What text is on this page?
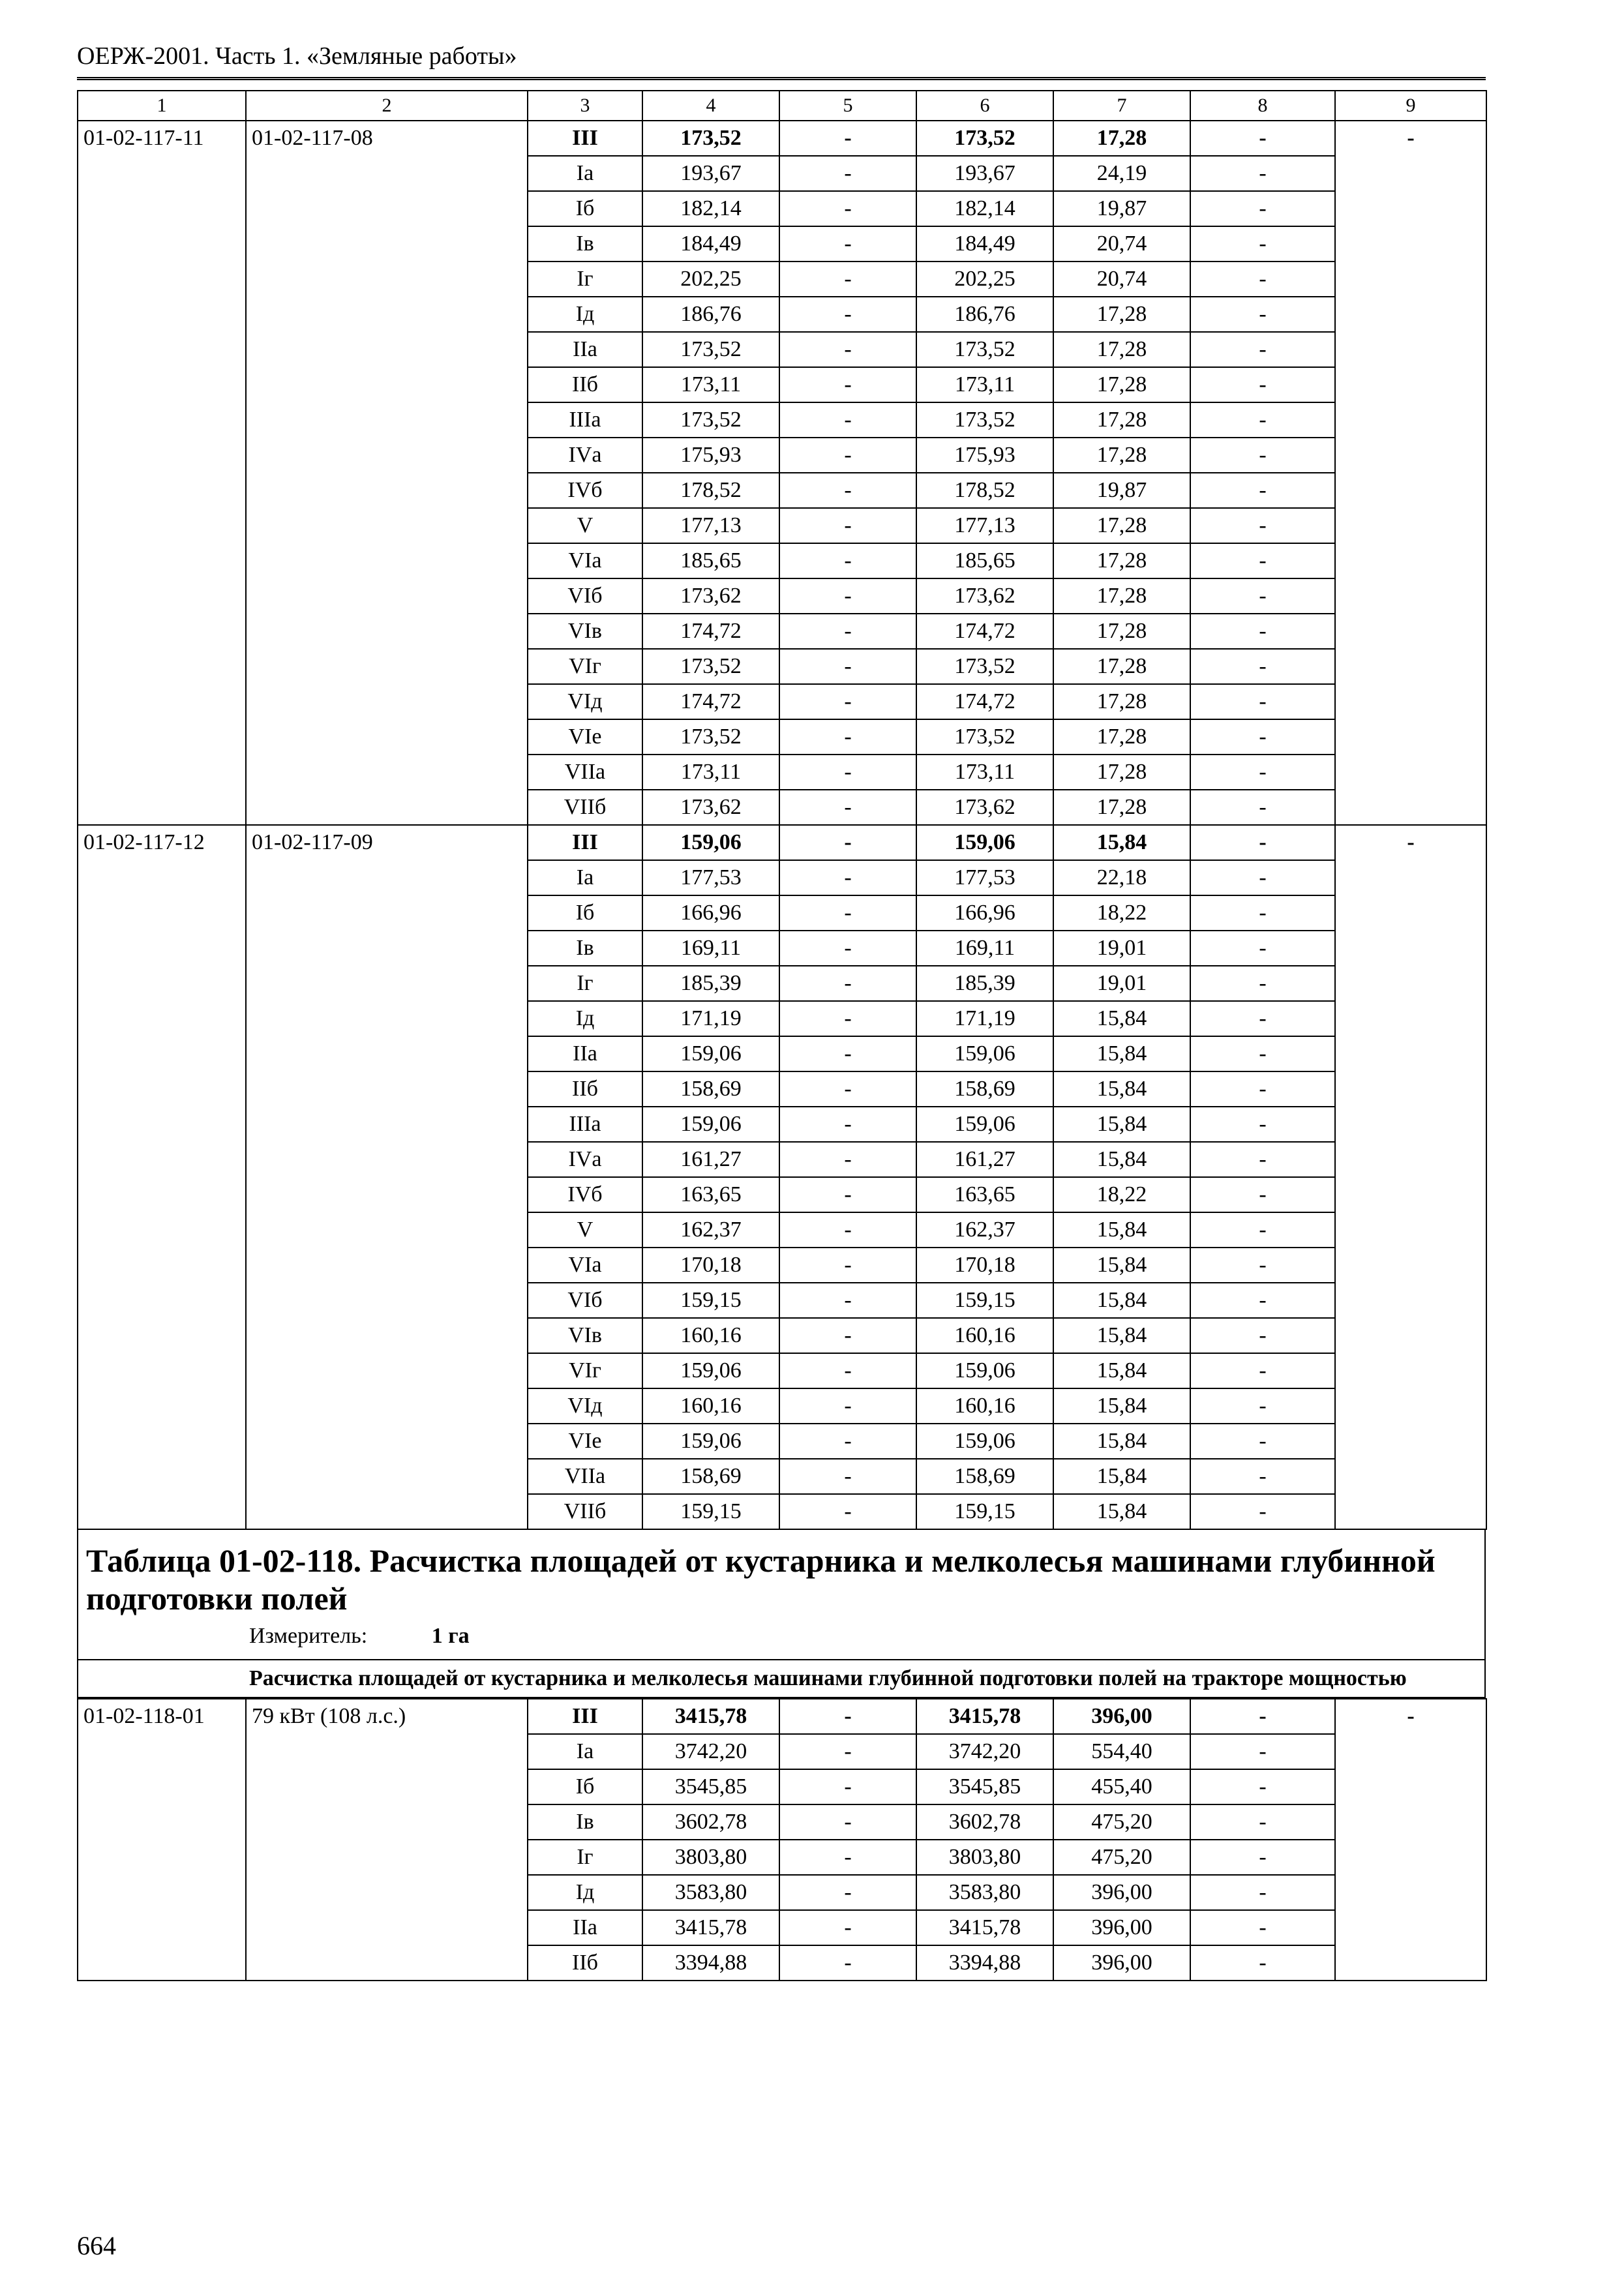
ОЕРЖ-2001. Часть 1. «Земляные работы»
1	2	3	4	5	6	7	8	9
01-02-117-11	01-02-117-08	III	173,52	-	173,52	17,28	-	-
		Iа	193,67	-	193,67	24,19	-	
		Iб	182,14	-	182,14	19,87	-	
		Iв	184,49	-	184,49	20,74	-	
		Iг	202,25	-	202,25	20,74	-	
		Iд	186,76	-	186,76	17,28	-	
		IIа	173,52	-	173,52	17,28	-	
		IIб	173,11	-	173,11	17,28	-	
		IIIа	173,52	-	173,52	17,28	-	
		IVа	175,93	-	175,93	17,28	-	
		IVб	178,52	-	178,52	19,87	-	
		V	177,13	-	177,13	17,28	-	
		VIа	185,65	-	185,65	17,28	-	
		VIб	173,62	-	173,62	17,28	-	
		VIв	174,72	-	174,72	17,28	-	
		VIг	173,52	-	173,52	17,28	-	
		VIд	174,72	-	174,72	17,28	-	
		VIе	173,52	-	173,52	17,28	-	
		VIIа	173,11	-	173,11	17,28	-	
		VIIб	173,62	-	173,62	17,28	-	
01-02-117-12	01-02-117-09	III	159,06	-	159,06	15,84	-	-
		Iа	177,53	-	177,53	22,18	-	
		Iб	166,96	-	166,96	18,22	-	
		Iв	169,11	-	169,11	19,01	-	
		Iг	185,39	-	185,39	19,01	-	
		Iд	171,19	-	171,19	15,84	-	
		IIа	159,06	-	159,06	15,84	-	
		IIб	158,69	-	158,69	15,84	-	
		IIIа	159,06	-	159,06	15,84	-	
		IVа	161,27	-	161,27	15,84	-	
		IVб	163,65	-	163,65	18,22	-	
		V	162,37	-	162,37	15,84	-	
		VIа	170,18	-	170,18	15,84	-	
		VIб	159,15	-	159,15	15,84	-	
		VIв	160,16	-	160,16	15,84	-	
		VIг	159,06	-	159,06	15,84	-	
		VIд	160,16	-	160,16	15,84	-	
		VIе	159,06	-	159,06	15,84	-	
		VIIа	158,69	-	158,69	15,84	-	
		VIIб	159,15	-	159,15	15,84	-	
Таблица 01-02-118. Расчистка площадей от кустарника и мелколесья машинами глубинной подготовки полей
Измеритель:	1 га
Расчистка площадей от кустарника и мелколесья машинами глубинной подготовки полей на тракторе мощностью
01-02-118-01	79 кВт (108 л.с.)	III	3415,78	-	3415,78	396,00	-	-
		Iа	3742,20	-	3742,20	554,40	-	
		Iб	3545,85	-	3545,85	455,40	-	
		Iв	3602,78	-	3602,78	475,20	-	
		Iг	3803,80	-	3803,80	475,20	-	
		Iд	3583,80	-	3583,80	396,00	-	
		IIа	3415,78	-	3415,78	396,00	-	
		IIб	3394,88	-	3394,88	396,00	-	
664
